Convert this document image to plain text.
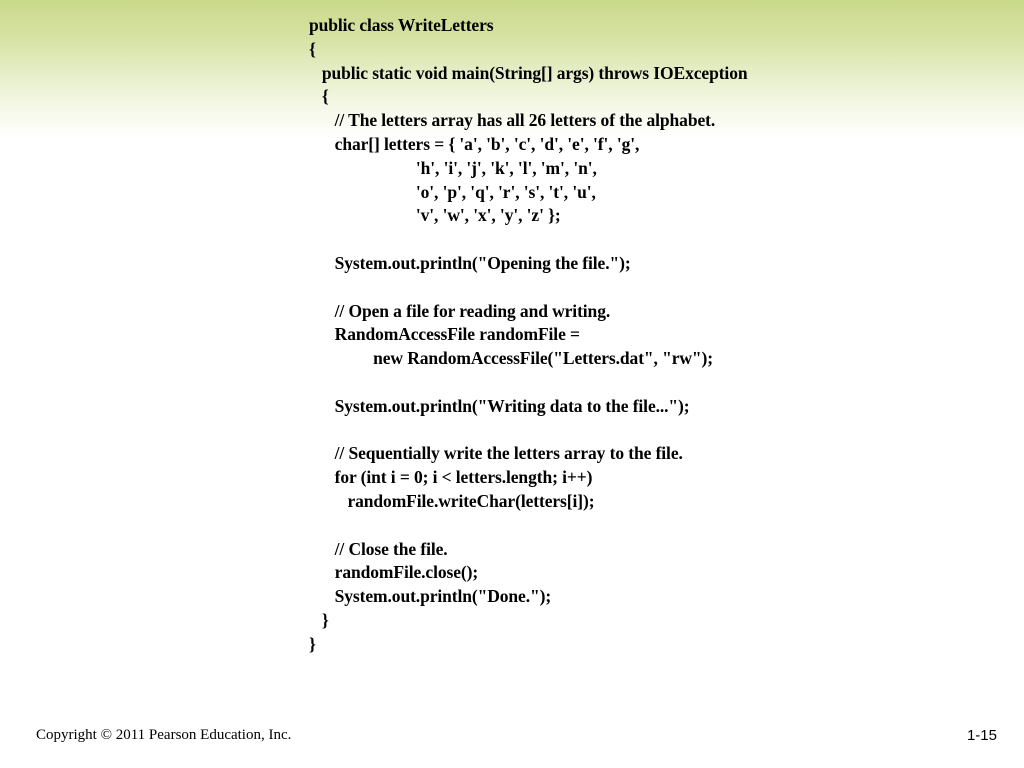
public class WriteLetters
{
public static void main(String[] args) throws IOException
{
// The letters array has all 26 letters of the alphabet.
char[] letters = { 'a', 'b', 'c', 'd', 'e', 'f', 'g',
'h', 'i', 'j', 'k', 'l', 'm', 'n',
'o', 'p', 'q', 'r', 's', 't', 'u',
'v', 'w', 'x', 'y', 'z' };
System.out.println("Opening the file.");
// Open a file for reading and writing.
RandomAccessFile randomFile =
new RandomAccessFile("Letters.dat", "rw");
System.out.println("Writing data to the file...");
// Sequentially write the letters array to the file.
for (int i = 0; i < letters.length; i++)
randomFile.writeChar(letters[i]);
// Close the file.
randomFile.close();
System.out.println("Done.");
}
}
Copyright © 2011 Pearson Education, Inc.	1-15
